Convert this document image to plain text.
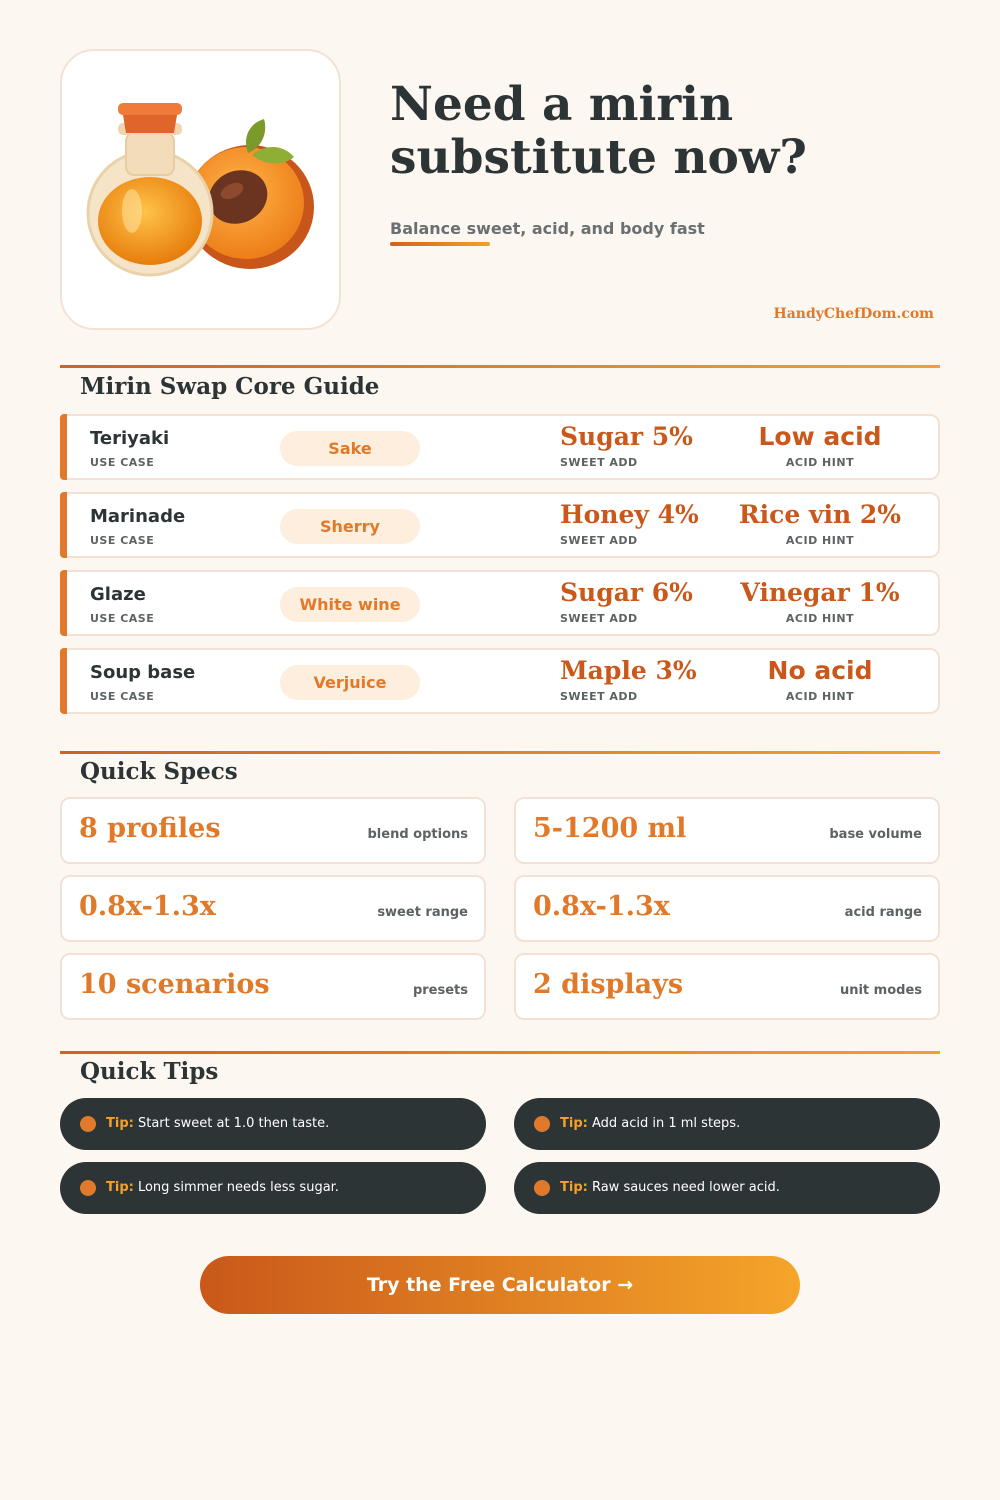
Need a mirin substitute now?
Balance sweet, acid, and body fast
HandyChefDom.com
Mirin Swap Core Guide
Teriyaki
USE CASE
Sake	Sugar 5%
SWEET ADD
Low acid
ACID HINT
Marinade
USE CASE
Sherry	Honey 4%
SWEET ADD
Rice vin 2%
ACID HINT
Glaze
USE CASE
White wine	Sugar 6%
SWEET ADD
Vinegar 1%
ACID HINT
Soup base
USE CASE
Verjuice	Maple 3%
SWEET ADD
No acid
ACID HINT
Quick Specs
8 profiles	blend options 5-1200 ml	base volume
0.8x-1.3x	sweet range 0.8x-1.3x	acid range
10 scenarios	presets 2 displays	unit modes
Quick Tips
Tip: Start sweet at 1.0 then taste.	Tip: Add acid in 1 ml steps.
Tip: Long simmer needs less sugar.	Tip: Raw sauces need lower acid.
Try the Free Calculator →
